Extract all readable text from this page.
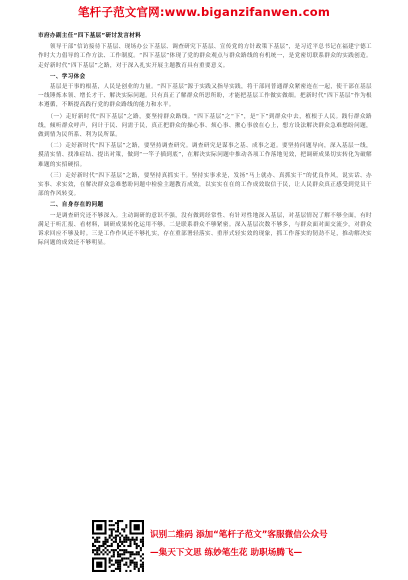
笔杆子范文官网:www.biganzifanwen.com
市府办副主任“四下基层”研讨发言材料
　　领导干部“信访接待下基层、现场办公下基层、调查研究下基层、宣传党的方针政策下基层”，是习近平总书记在福建宁德工作时大力倡导的工作方法、工作制度。“四下基层”体现了党的群众观点与群众路线的有机统一，是党密切联系群众的实践创造。走好新时代“四下基层”之路，对于深入扎实开展主题教育具有重要意义。
　　一、学习体会
　　基层是干事的根基，人民是创业的力量。“四下基层”源于实践又指导实践，将干部同普通群众紧密连在一起，使干部在基层一线锤炼本领、增长才干、解决实际问题。只有真正了解群众所思所盼，才能把基层工作做实做细。把新时代“四下基层”作为根本遵循，不断提高践行党的群众路线的能力和水平。
　　（一）走好新时代“四下基层”之路，要坚持群众路线。“四下基层”之“下”，是“下”到群众中去，植根于人民。践行群众路线，倾听群众呼声，问计于民、问需于民，真正把群众的操心事、烦心事、揪心事放在心上，想方设法解决群众急难愁盼问题，做到情为民所系、利为民所谋。
　　（二）走好新时代“四下基层”之路，要坚持调查研究。调查研究是谋事之基、成事之道。要坚持问题导向，深入基层一线，摸清实情、找准症结、提出对策，做到“一竿子插到底”，在解决实际问题中推动各项工作落地见效，把调研成果切实转化为破解难题的实招硬招。
　　（三）走好新时代“四下基层”之路，要坚持真抓实干。坚持实事求是，发扬“马上就办、真抓实干”的优良作风，说实话、办实事、求实效，在解决群众急难愁盼问题中检验主题教育成效，以实实在在的工作成效取信于民，让人民群众真正感受到党员干部的作风转变。
　　二、自身存在的问题
　　一是调查研究还不够深入。主动调研的意识不强，没有做到经常性、有针对性地深入基层，对基层情况了解不够全面，有时满足于听汇报、看材料，调研成果转化运用不够。二是联系群众不够紧密。深入基层次数不够多，与群众面对面交流少，对群众诉求回应不够及时。三是工作作风还不够扎实，存在重部署轻落实、重形式轻实效的现象，抓工作落实的韧劲不足，推动解决实际问题的成效还不够明显。
识别二维码 添加“笔杆子范文”客服微信公众号
—集天下文思 练妙笔生花 助职场腾飞—
